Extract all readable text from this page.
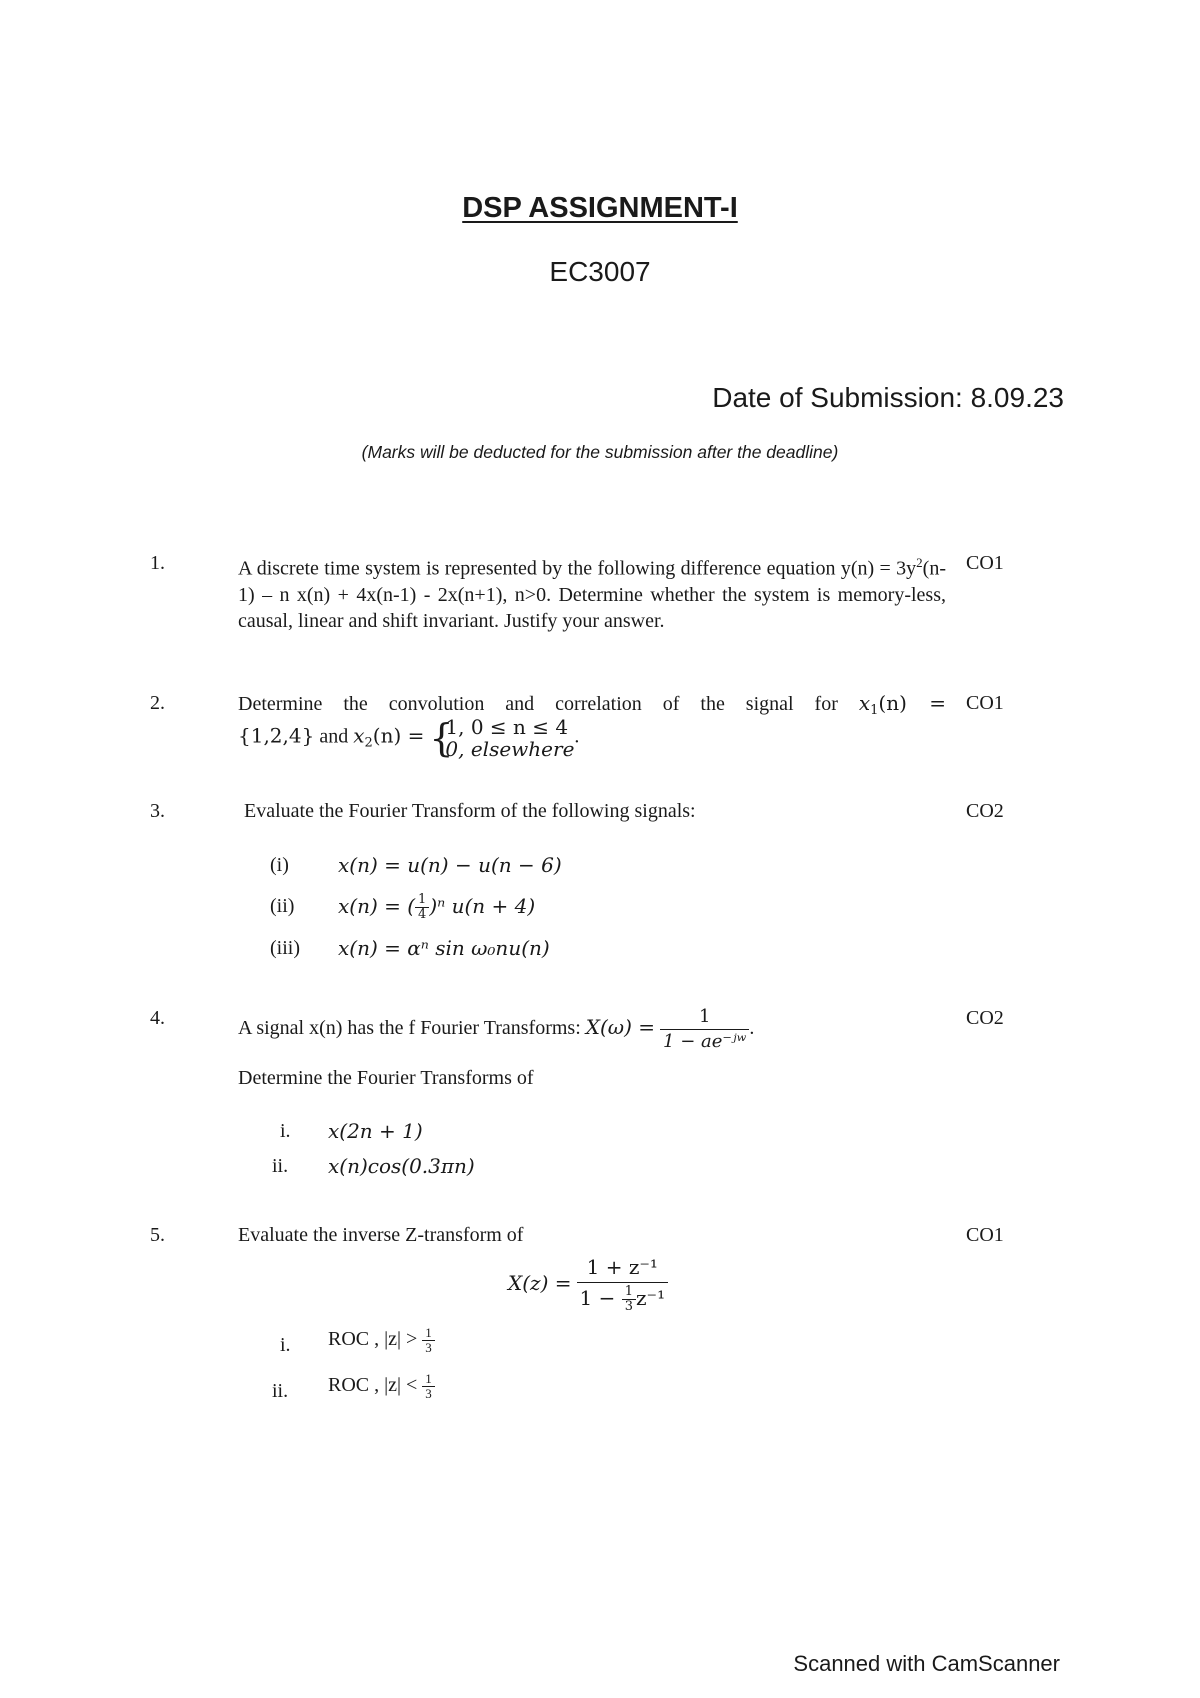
DSP ASSIGNMENT-I
EC3007
Date of Submission: 8.09.23
(Marks will be deducted for the submission after the deadline)
1.	CO1
A discrete time system is represented by the following difference equation $y(n) = 3y^2(n-1) - n$ x(n) + 4x(n-1) - 2x(n+1), n>0. Determine whether the system is memory-less, causal, linear and shift invariant. Justify your answer.
2.	CO1
Determine the convolution and correlation of the signal for $x_1(n)$ =
{1,2,4} and $x_2(n)$ = {
1, 0 ≤ n ≤ 4
0, elsewhere
.
3.	CO2
Evaluate the Fourier Transform of the following signals:
(i) x(n) = u(n) − u(n − 6)
(ii) x(n) = ( $\frac{1}{4} )^n$ u(n + 4)
(iii) x(n) = αⁿ sin ω₀nu(n)
4.	CO2
A signal x(n) has the f Fourier Transforms: $X(\omega) = \frac{1}{\text{1 − ae⁻ʲʷ}}$ .
Determine the Fourier Transforms of
i. x(2n + 1)
ii. x(n)cos(0.3πn)
5.	CO1
Evaluate the inverse Z-transform of
$X(z) = \frac{\text{1 + z⁻¹}}{1 - \frac{1}{3} z^{-1}}$
i. ROC , $|z| > \frac{1}{3}$
ii. ROC , $|z| < \frac{1}{3}$
Scanned with CamScanner
